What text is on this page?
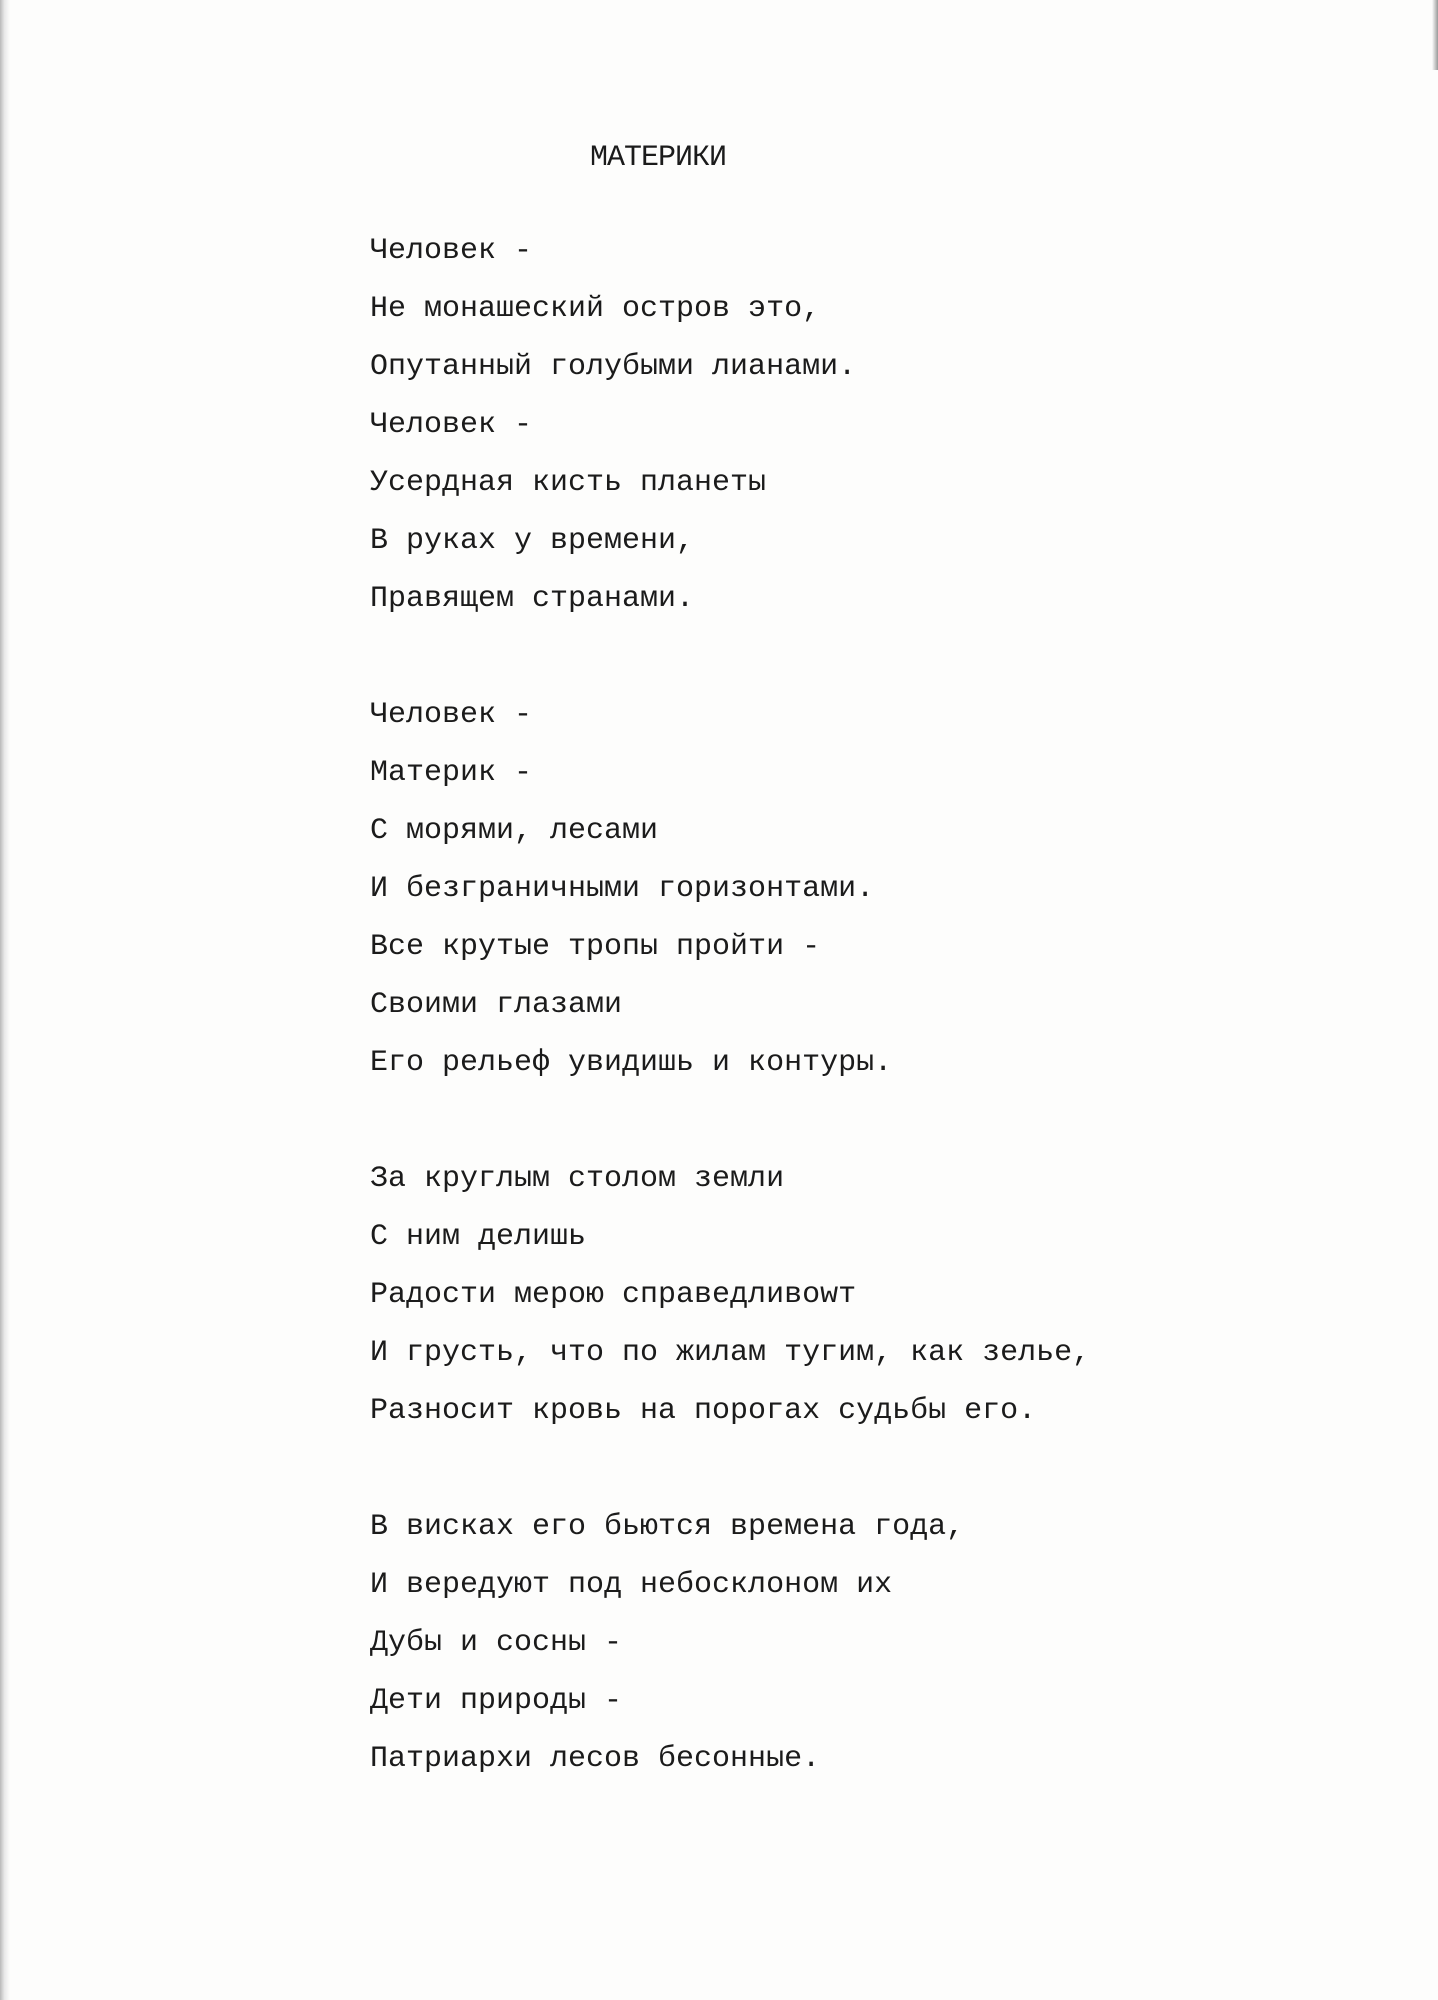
МАТЕРИКИ
Человек -
Не монашеский остров это,
Опутанный голубыми лианами.
Человек -
Усердная кисть планеты
В руках у времени,
Правящем странами.
Человек -
Материк -
С морями, лесами
И безграничными горизонтами.
Все крутые тропы пройти -
Своими глазами
Его рельеф увидишь и контуры.
За круглым столом земли
С ним делишь
Радости мерою справедливоwт
И грусть, что по жилам тугим, как зелье,
Разносит кровь на порогах судьбы его.
В висках его бьются времена года,
И вередуют под небосклоном их
Дубы и сосны -
Дети природы -
Патриархи лесов бесонные.
